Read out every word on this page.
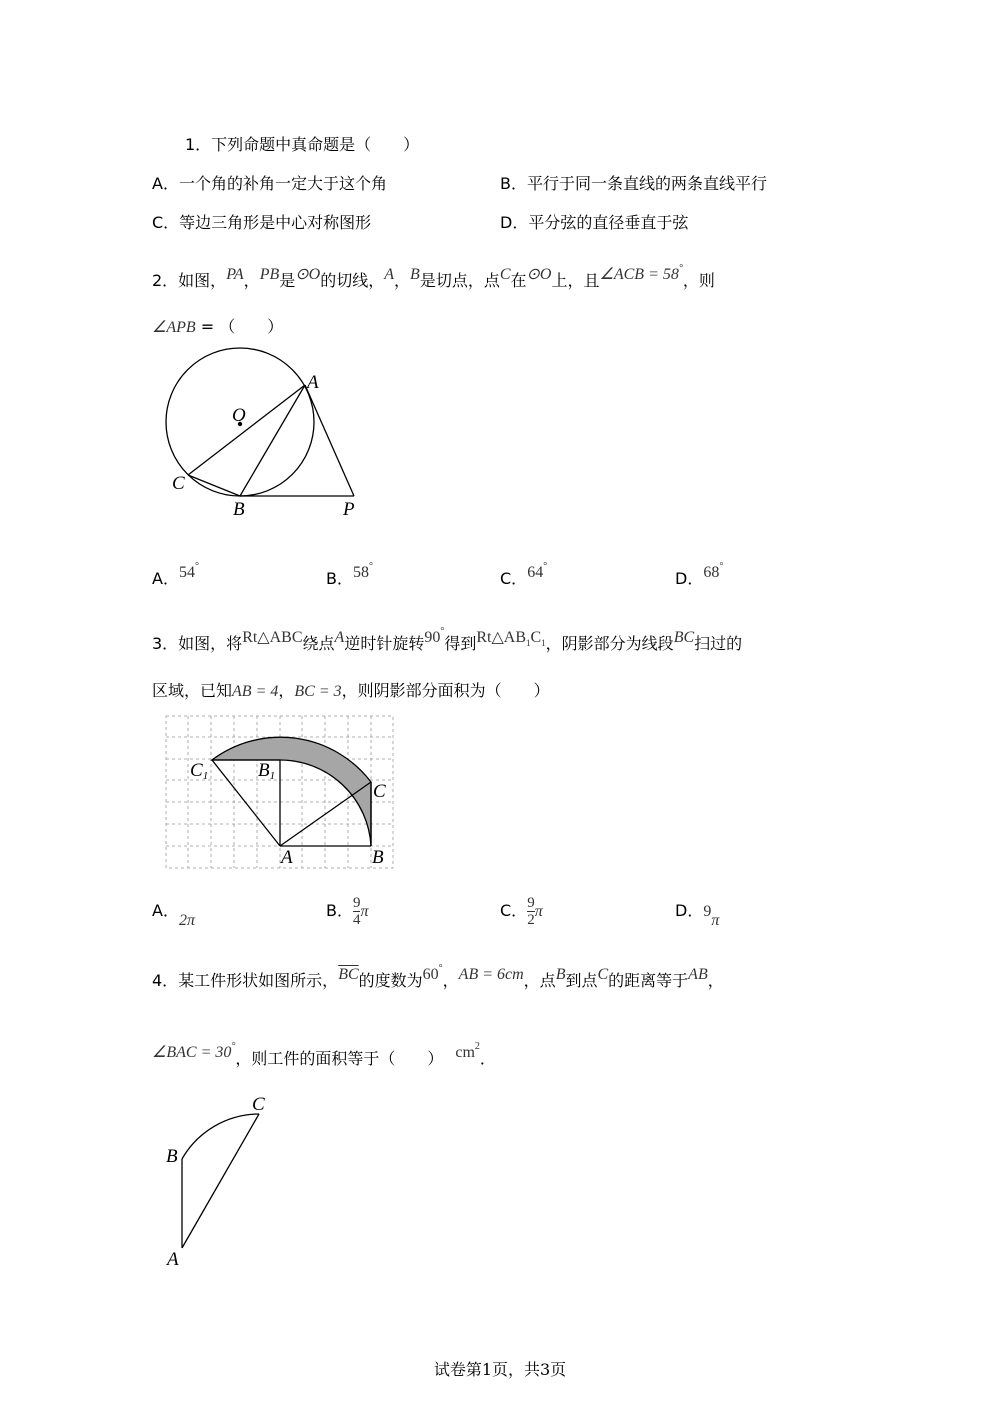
1．下列命题中真命题是（　　）
A．一个角的补角一定大于这个角	B．平行于同一条直线的两条直线平行
C．等边三角形是中心对称图形	D．平分弦的直径垂直于弦
2．如图，PA，PB是⊙O的切线，A，B是切点，点C在⊙O上，且∠ACB = 58°，则
∠APB = （　　）
A
O
C
B	P
A．54°
B．58°
C．64°
D．68°
3．如图，将Rt△ABC绕点A逆时针旋转90°得到$Rt\triangle AB_1C_1$，阴影部分为线段BC扫过的
区域，已知AB = 4，BC = 3，则阴影部分面积为（　　）
C1	B1
C
A	B
A．2π
B． $\frac{9}{4}$ π	C． $\frac{9}{2}$ π	D．9π
4．某工件形状如图所示，$\overline{BC}$的度数为60°，AB = 6cm，点B到点C的距离等于AB，
∠BAC = 30°，则工件的面积等于（　　） $cm^2$．
C
B
A
试卷第1页，共3页
